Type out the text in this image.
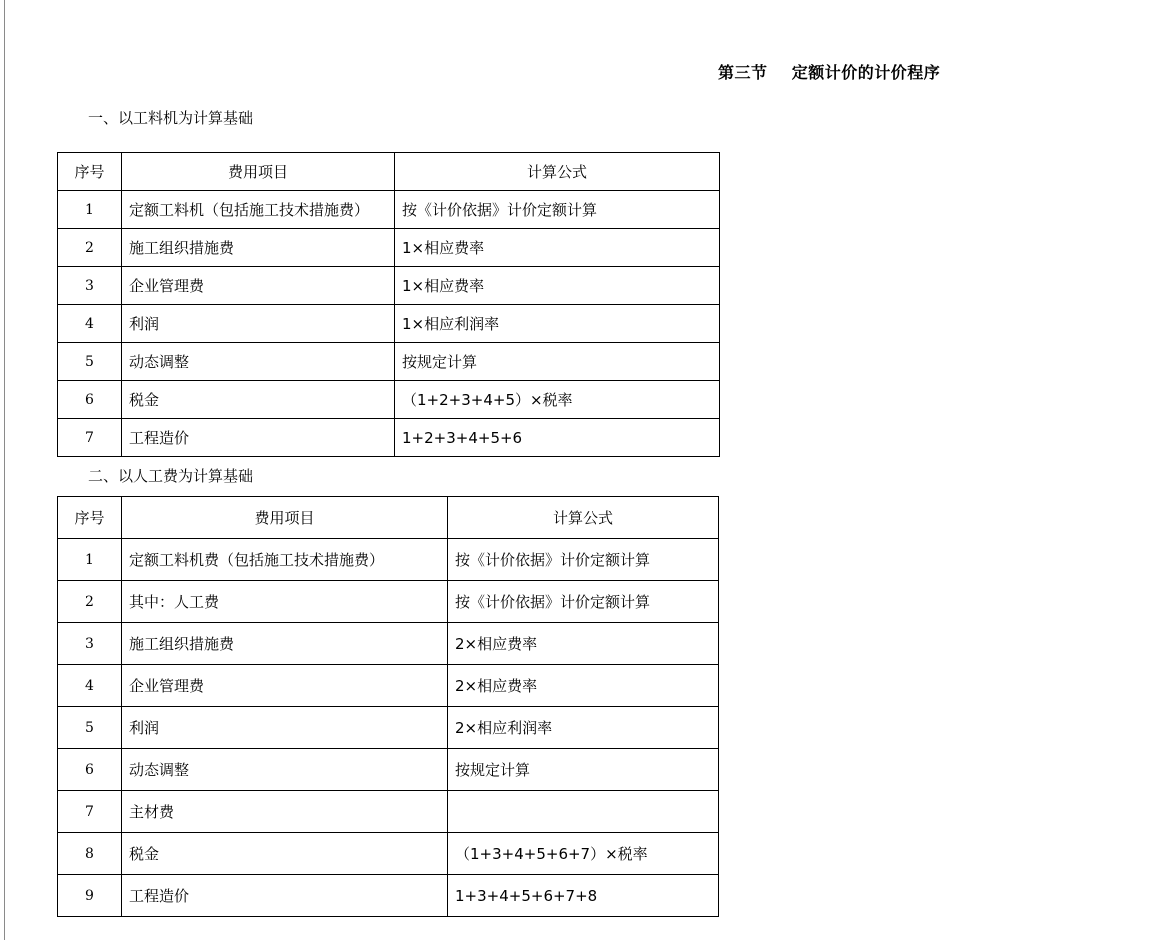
第三节    定额计价的计价程序
一、以工料机为计算基础
序号	费用项目	计算公式
1	定额工料机（包括施工技术措施费）	按《计价依据》计价定额计算
2	施工组织措施费	1×相应费率
3	企业管理费	1×相应费率
4	利润	1×相应利润率
5	动态调整	按规定计算
6	税金	（1+2+3+4+5）×税率
7	工程造价	1+2+3+4+5+6
二、以人工费为计算基础
序号	费用项目	计算公式
1	定额工料机费（包括施工技术措施费）	按《计价依据》计价定额计算
2	其中：人工费	按《计价依据》计价定额计算
3	施工组织措施费	2×相应费率
4	企业管理费	2×相应费率
5	利润	2×相应利润率
6	动态调整	按规定计算
7	主材费	
8	税金	（1+3+4+5+6+7）×税率
9	工程造价	1+3+4+5+6+7+8
